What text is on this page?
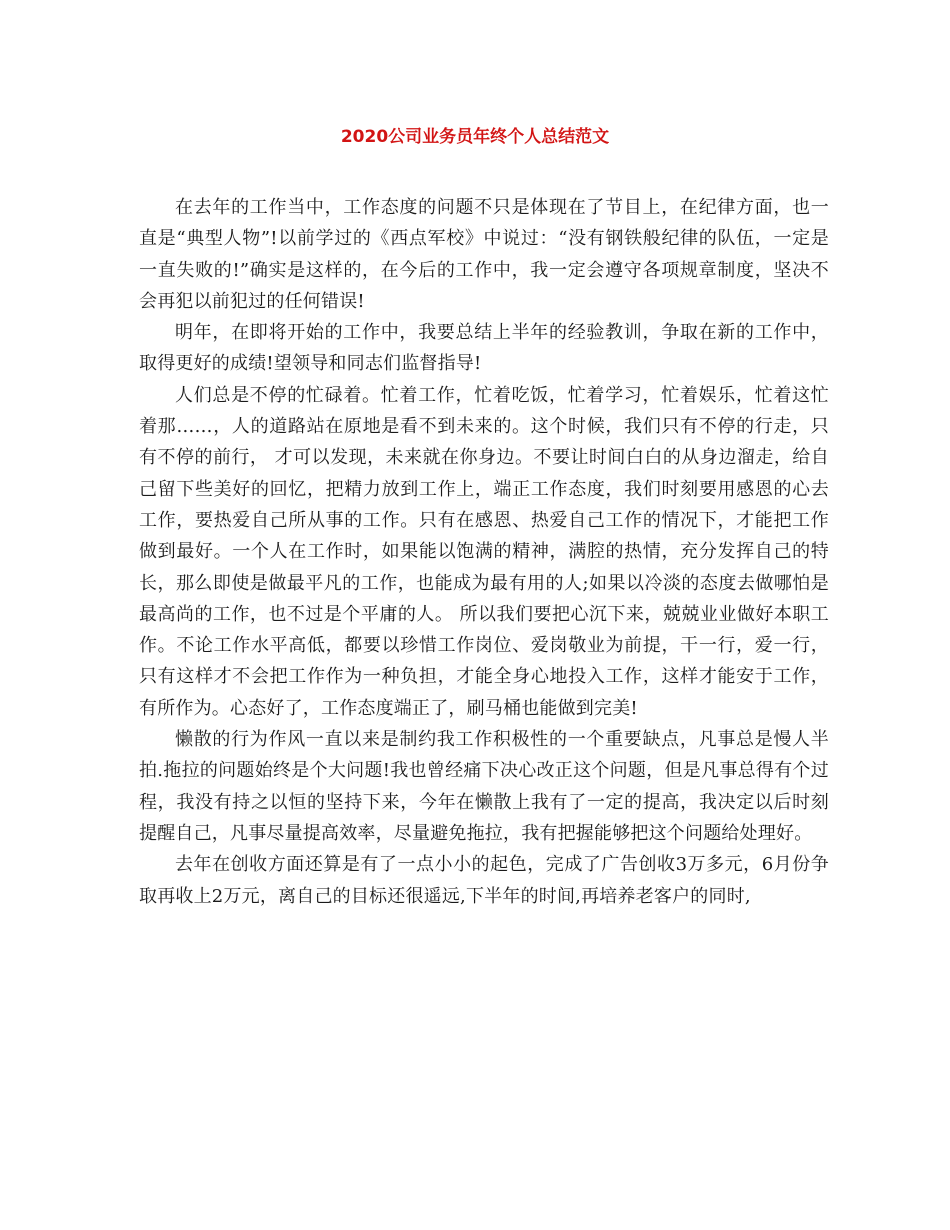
2020公司业务员年终个人总结范文

在去年的工作当中，工作态度的问题不只是体现在了节目上，在纪律方面，也一直是“典型人物”!以前学过的《西点军校》中说过：“没有钢铁般纪律的队伍，一定是一直失败的!”确实是这样的，在今后的工作中，我一定会遵守各项规章制度，坚决不会再犯以前犯过的任何错误!

明年，在即将开始的工作中，我要总结上半年的经验教训，争取在新的工作中，取得更好的成绩!望领导和同志们监督指导!

人们总是不停的忙碌着。忙着工作，忙着吃饭，忙着学习，忙着娱乐，忙着这忙着那……，人的道路站在原地是看不到未来的。这个时候，我们只有不停的行走，只有不停的前行， 才可以发现，未来就在你身边。不要让时间白白的从身边溜走，给自己留下些美好的回忆，把精力放到工作上，端正工作态度，我们时刻要用感恩的心去工作，要热爱自己所从事的工作。只有在感恩、热爱自己工作的情况下，才能把工作做到最好。一个人在工作时，如果能以饱满的精神，满腔的热情，充分发挥自己的特长，那么即使是做最平凡的工作，也能成为最有用的人;如果以冷淡的态度去做哪怕是最高尚的工作，也不过是个平庸的人。 所以我们要把心沉下来，兢兢业业做好本职工作。不论工作水平高低，都要以珍惜工作岗位、爱岗敬业为前提，干一行，爱一行，只有这样才不会把工作作为一种负担，才能全身心地投入工作，这样才能安于工作，有所作为。心态好了，工作态度端正了，刷马桶也能做到完美!

懒散的行为作风一直以来是制约我工作积极性的一个重要缺点，凡事总是慢人半拍.拖拉的问题始终是个大问题!我也曾经痛下决心改正这个问题，但是凡事总得有个过程，我没有持之以恒的坚持下来，今年在懒散上我有了一定的提高，我决定以后时刻提醒自己，凡事尽量提高效率，尽量避免拖拉，我有把握能够把这个问题给处理好。

去年在创收方面还算是有了一点小小的起色，完成了广告创收3万多元，6月份争取再收上2万元，离自己的目标还很遥远,下半年的时间,再培养老客户的同时,
